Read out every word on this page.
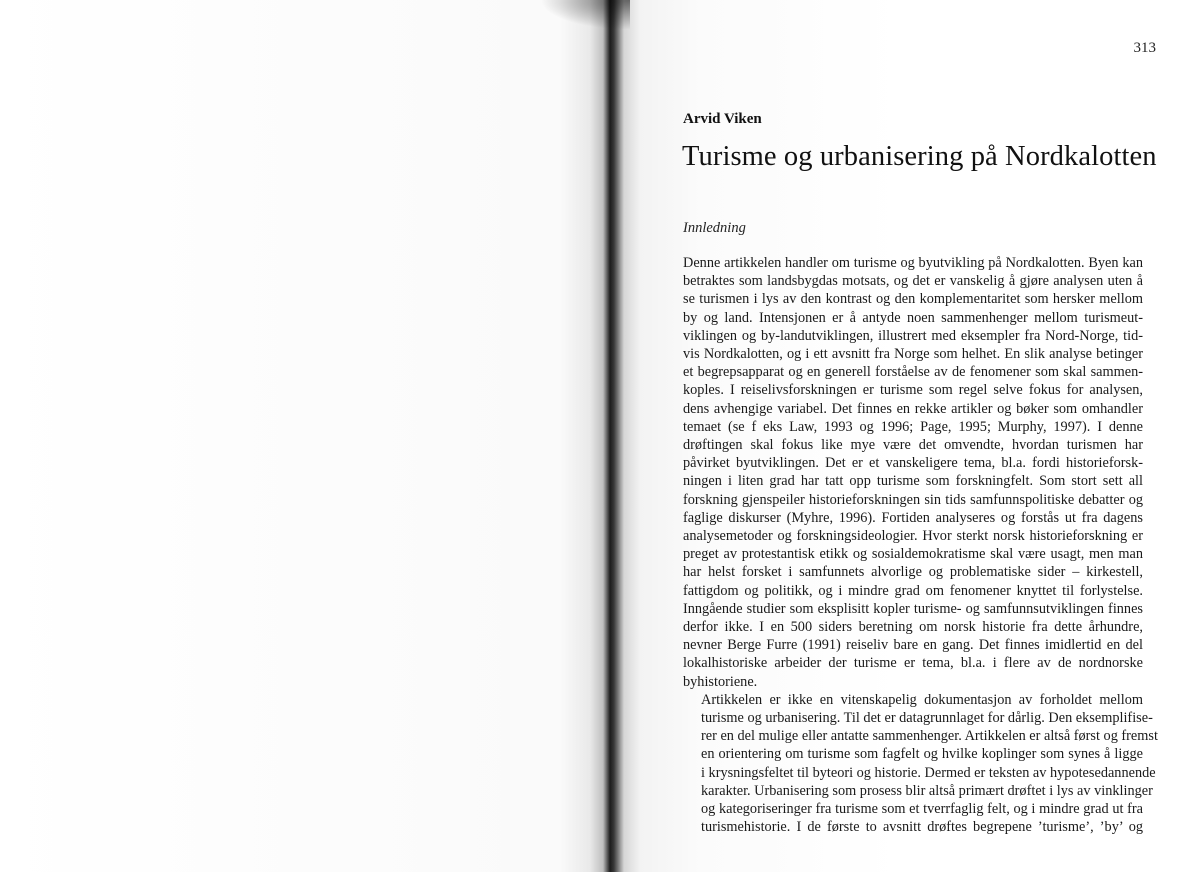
313
Arvid Viken
Turisme og urbanisering på Nordkalotten
Innledning

Denne artikkelen handler om turisme og byutvikling på Nordkalotten. Byen kan
betraktes som landsbygdas motsats, og det er vanskelig å gjøre analysen uten å
se turismen i lys av den kontrast og den komplementaritet som hersker mellom
by og land. Intensjonen er å antyde noen sammenhenger mellom turismeut-
viklingen og by-landutviklingen, illustrert med eksempler fra Nord-Norge, tid-
vis Nordkalotten, og i ett avsnitt fra Norge som helhet. En slik analyse betinger
et begrepsapparat og en generell forståelse av de fenomener som skal sammen-
koples. I reiselivsforskningen er turisme som regel selve fokus for analysen,
dens avhengige variabel. Det finnes en rekke artikler og bøker som omhandler
temaet (se f eks Law, 1993 og 1996; Page, 1995; Murphy, 1997). I denne
drøftingen skal fokus like mye være det omvendte, hvordan turismen har
påvirket byutviklingen. Det er et vanskeligere tema, bl.a. fordi historieforsk-
ningen i liten grad har tatt opp turisme som forskningfelt. Som stort sett all
forskning gjenspeiler historieforskningen sin tids samfunnspolitiske debatter og
faglige diskurser (Myhre, 1996). Fortiden analyseres og forstås ut fra dagens
analysemetoder og forskningsideologier. Hvor sterkt norsk historieforskning er
preget av protestantisk etikk og sosialdemokratisme skal være usagt, men man
har helst forsket i samfunnets alvorlige og problematiske sider – kirkestell,
fattigdom og politikk, og i mindre grad om fenomener knyttet til forlystelse.
Inngående studier som eksplisitt kopler turisme- og samfunnsutviklingen finnes
derfor ikke. I en 500 siders beretning om norsk historie fra dette århundre,
nevner Berge Furre (1991) reiseliv bare en gang. Det finnes imidlertid en del
lokalhistoriske arbeider der turisme er tema, bl.a. i flere av de nordnorske
byhistoriene.

Artikkelen er ikke en vitenskapelig dokumentasjon av forholdet mellom
turisme og urbanisering. Til det er datagrunnlaget for dårlig. Den eksemplifise-
rer en del mulige eller antatte sammenhenger. Artikkelen er altså først og fremst
en orientering om turisme som fagfelt og hvilke koplinger som synes å ligge
i krysningsfeltet til byteori og historie. Dermed er teksten av hypotesedannende
karakter. Urbanisering som prosess blir altså primært drøftet i lys av vinklinger
og kategoriseringer fra turisme som et tverrfaglig felt, og i mindre grad ut fra
turismehistorie. I de første to avsnitt drøftes begrepene ’turisme’, ’by’ og
